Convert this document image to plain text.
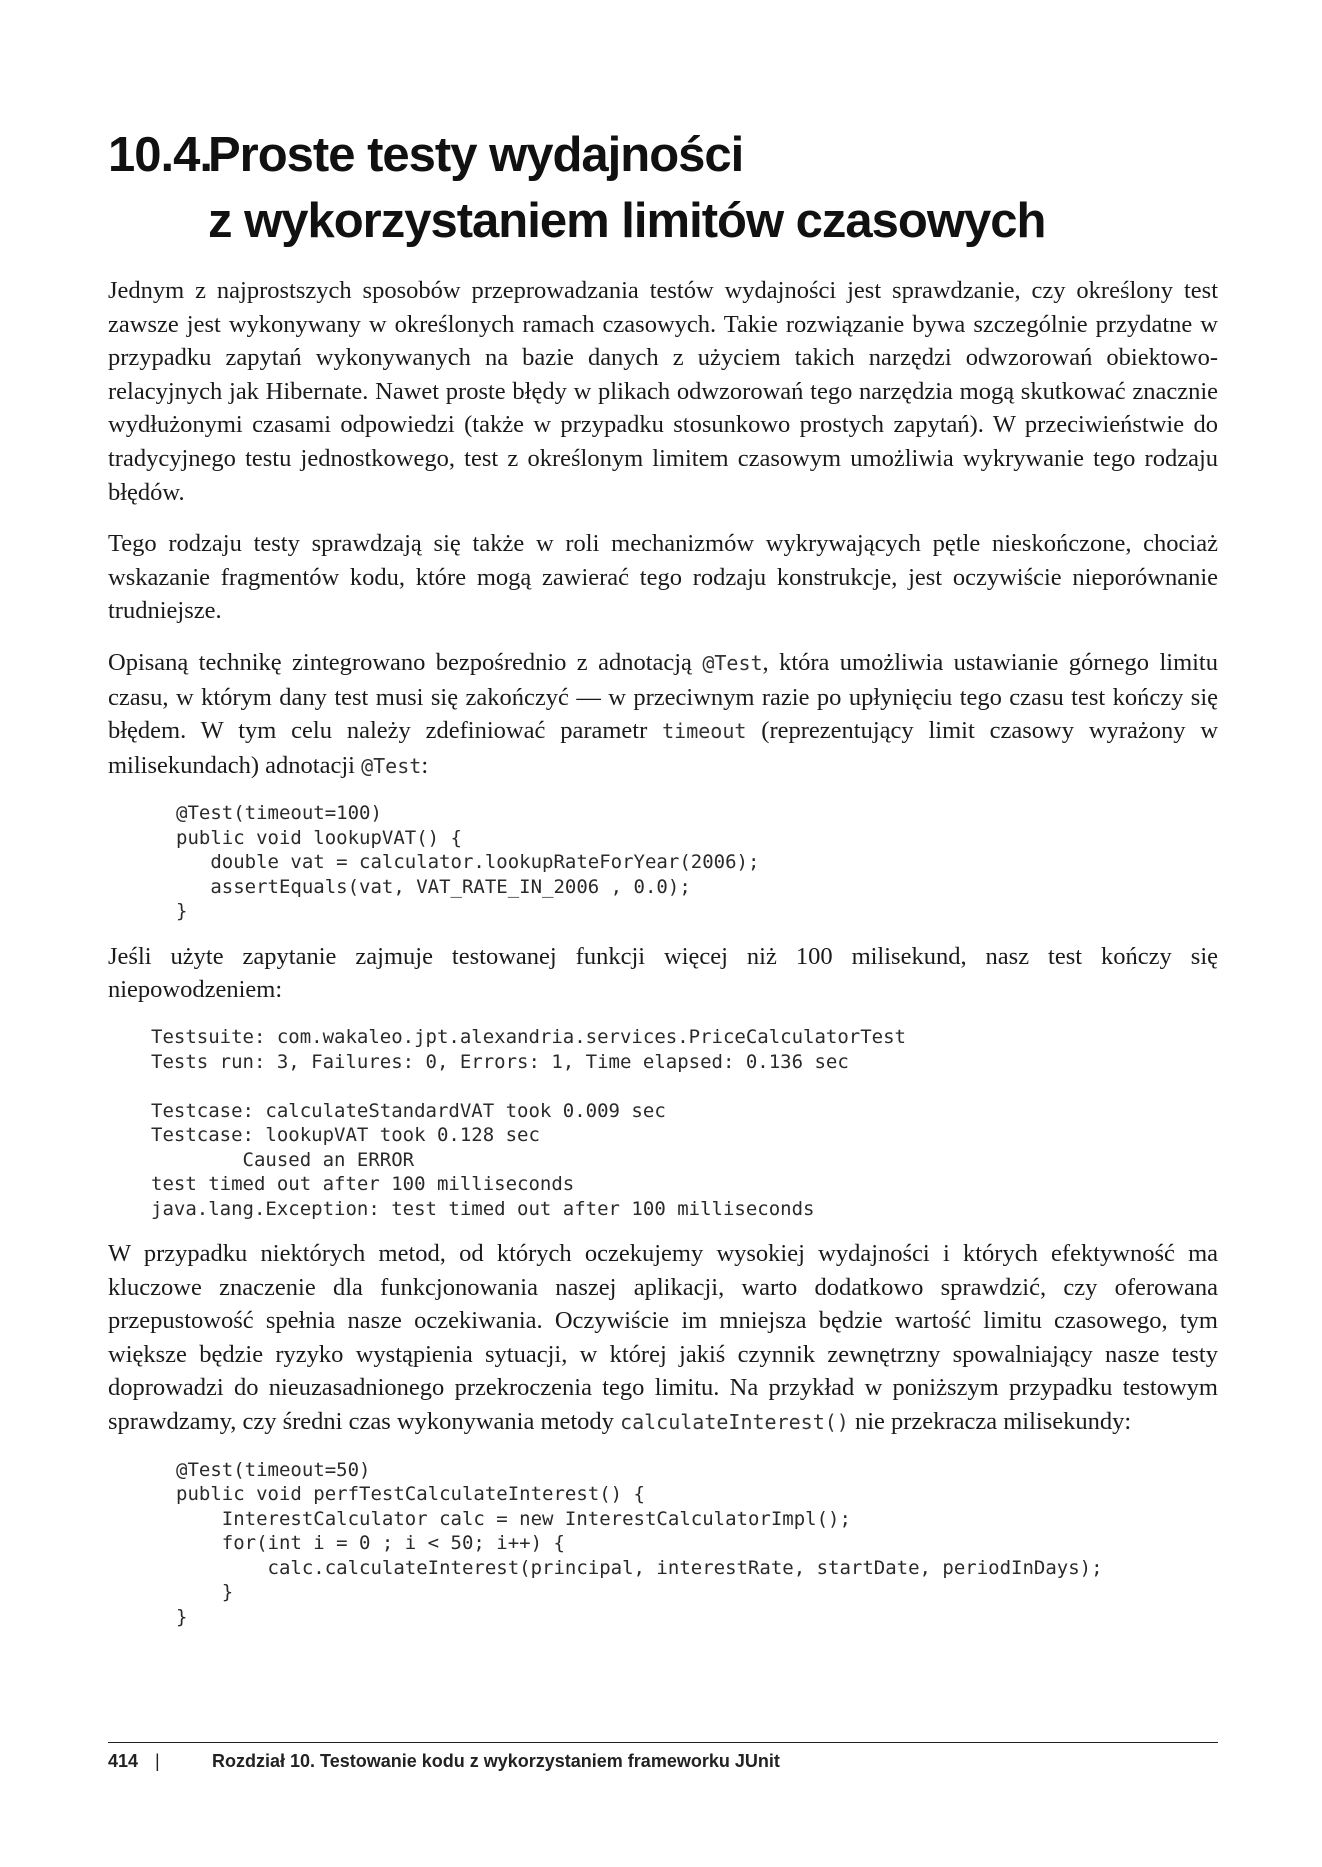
10.4.Proste testy wydajności
z wykorzystaniem limitów czasowych

Jednym z najprostszych sposobów przeprowadzania testów wydajności jest sprawdzanie, czy określony test zawsze jest wykonywany w określonych ramach czasowych. Takie rozwiązanie bywa szczególnie przydatne w przypadku zapytań wykonywanych na bazie danych z użyciem takich narzędzi odwzorowań obiektowo-relacyjnych jak Hibernate. Nawet proste błędy w plikach odwzorowań tego narzędzia mogą skutkować znacznie wydłużonymi czasami odpowiedzi (także w przypadku stosunkowo prostych zapytań). W przeciwieństwie do tradycyjnego testu jednostkowego, test z określonym limitem czasowym umożliwia wykrywanie tego rodzaju błędów.

Tego rodzaju testy sprawdzają się także w roli mechanizmów wykrywających pętle nieskończone, chociaż wskazanie fragmentów kodu, które mogą zawierać tego rodzaju konstrukcje, jest oczywiście nieporównanie trudniejsze.

Opisaną technikę zintegrowano bezpośrednio z adnotacją @Test, która umożliwia ustawianie górnego limitu czasu, w którym dany test musi się zakończyć — w przeciwnym razie po upłynięciu tego czasu test kończy się błędem. W tym celu należy zdefiniować parametr timeout (reprezentujący limit czasowy wyrażony w milisekundach) adnotacji @Test:

@Test(timeout=100)
public void lookupVAT() {
double vat = calculator.lookupRateForYear(2006);
assertEquals(vat, VAT_RATE_IN_2006 , 0.0);
}

Jeśli użyte zapytanie zajmuje testowanej funkcji więcej niż 100 milisekund, nasz test kończy się niepowodzeniem:

Testsuite: com.wakaleo.jpt.alexandria.services.PriceCalculatorTest
Tests run: 3, Failures: 0, Errors: 1, Time elapsed: 0.136 sec

Testcase: calculateStandardVAT took 0.009 sec
Testcase: lookupVAT took 0.128 sec
Caused an ERROR
test timed out after 100 milliseconds
java.lang.Exception: test timed out after 100 milliseconds

W przypadku niektórych metod, od których oczekujemy wysokiej wydajności i których efektywność ma kluczowe znaczenie dla funkcjonowania naszej aplikacji, warto dodatkowo sprawdzić, czy oferowana przepustowość spełnia nasze oczekiwania. Oczywiście im mniejsza będzie wartość limitu czasowego, tym większe będzie ryzyko wystąpienia sytuacji, w której jakiś czynnik zewnętrzny spowalniający nasze testy doprowadzi do nieuzasadnionego przekroczenia tego limitu. Na przykład w poniższym przypadku testowym sprawdzamy, czy średni czas wykonywania metody calculateInterest() nie przekracza milisekundy:

@Test(timeout=50)
public void perfTestCalculateInterest() {
InterestCalculator calc = new InterestCalculatorImpl();
for(int i = 0 ; i < 50; i++) {
calc.calculateInterest(principal, interestRate, startDate, periodInDays);
}
}
414 |	Rozdział 10. Testowanie kodu z wykorzystaniem frameworku JUnit
